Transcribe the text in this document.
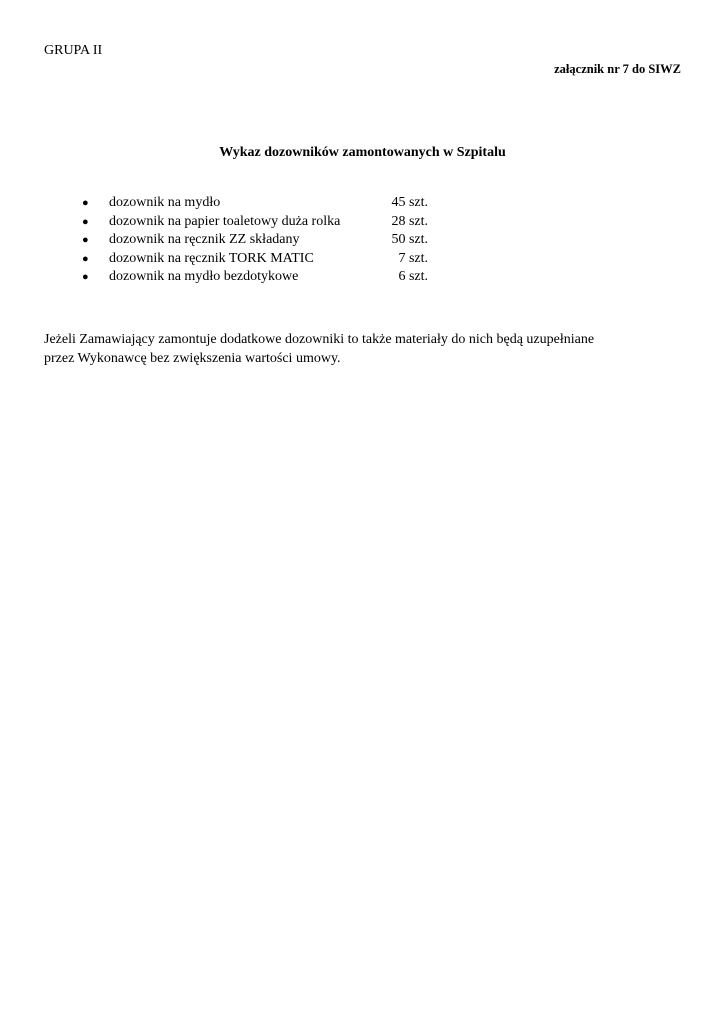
GRUPA II
załącznik nr 7 do SIWZ
Wykaz dozowników zamontowanych w Szpitalu
● dozownik na mydło	45 szt.
● dozownik na papier toaletowy duża rolka	28 szt.
● dozownik na ręcznik ZZ składany	50 szt.
● dozownik na ręcznik TORK MATIC	7 szt.
● dozownik na mydło bezdotykowe	6 szt.

Jeżeli Zamawiający zamontuje dodatkowe dozowniki to także materiały do nich będą uzupełniane
przez Wykonawcę bez zwiększenia wartości umowy.
